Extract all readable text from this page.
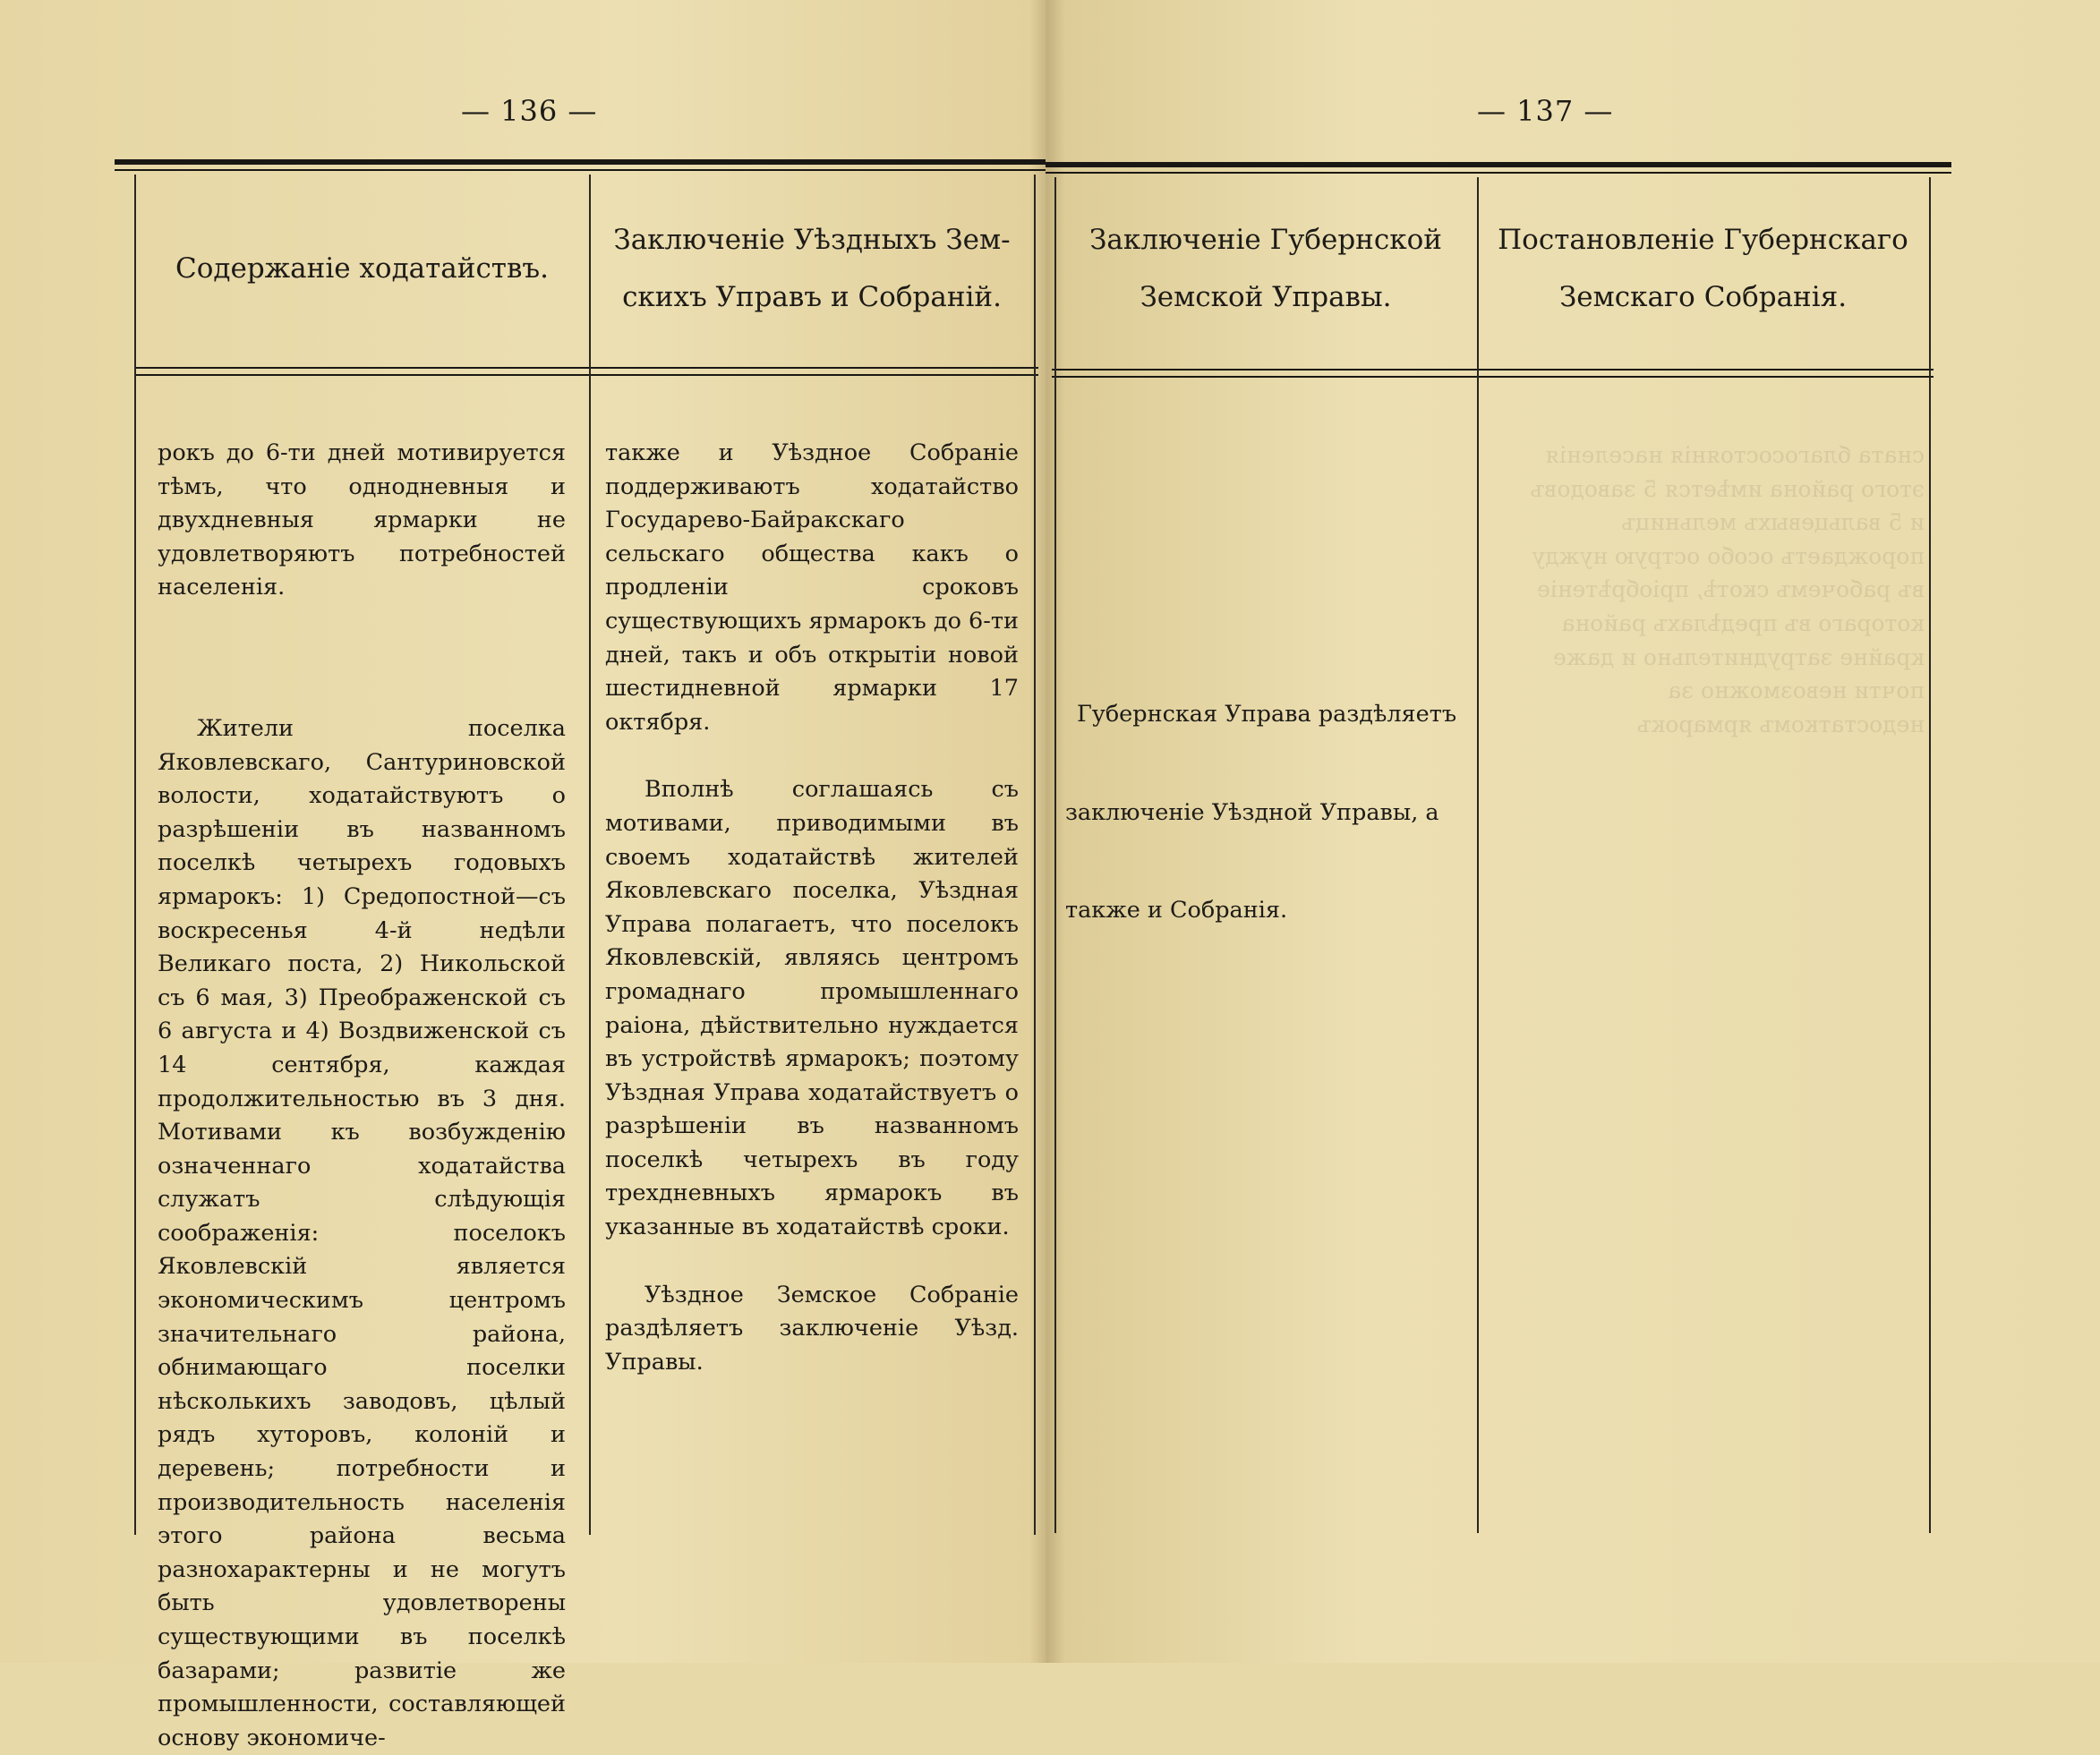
сната благосостоянія населенія этого района имѣется 5 заводовъ и 5 вальцевыхъ мельницъ порождаетъ особо острую нужду въ рабочемъ скотѣ, пріобрѣтеніе котораго въ предѣлахъ района крайне затруднительно и даже почти невозможно за недостаткомъ ярмарокъ
— 136 —	— 137 —
Содержаніе ходатайствъ.
Заключеніе Уѣздныхъ Зем-
скихъ Управъ и Собраній.
Заключеніе Губернской
Земской Управы.
Постановленіе Губернскаго
Земскаго Собранія.

рокъ до 6-ти дней мотивируется тѣмъ, что однодневныя и двухдневныя ярмарки не удовлетворяютъ потребностей населенія.

Жители поселка Яковлевскаго, Сантуриновской волости, ходатайствуютъ о разрѣшеніи въ названномъ поселкѣ четырехъ годовыхъ ярмарокъ: 1) Средопостной—съ воскресенья 4-й недѣли Великаго поста, 2) Никольской съ 6 мая, 3) Преображенской съ 6 августа и 4) Воздвиженской съ 14 сентября, каждая продолжительностью въ 3 дня. Мотивами къ возбужденію означеннаго ходатайства служатъ слѣдующія соображенія: поселокъ Яковлевскій является экономическимъ центромъ значительнаго района, обнимающаго поселки нѣсколькихъ заводовъ, цѣлый рядъ хуторовъ, колоній и деревень; потребности и производительность населенія этого района весьма разнохарактерны и не могутъ быть удовлетворены существующими въ поселкѣ базарами; развитіе же промышленности, составляющей основу экономиче-

также и Уѣздное Собраніе поддерживаютъ ходатайство Государево-Байракскаго сельскаго общества какъ о продленіи сроковъ существующихъ ярмарокъ до 6-ти дней, такъ и объ открытіи новой шестидневной ярмарки 17 октября.

Вполнѣ соглашаясь съ мотивами, приводимыми въ своемъ ходатайствѣ жителей Яковлевскаго поселка, Уѣздная Управа полагаетъ, что поселокъ Яковлевскій, являясь центромъ громаднаго промышленнаго раіона, дѣйствительно нуждается въ устройствѣ ярмарокъ; поэтому Уѣздная Управа ходатайствуетъ о разрѣшеніи въ названномъ поселкѣ четырехъ въ году трехдневныхъ ярмарокъ въ указанные въ ходатайствѣ сроки.

Уѣздное Земское Собраніе раздѣляетъ заключеніе Уѣзд. Управы.

Губернская Управа раздѣляетъ

заключеніе Уѣздной Управы, а

также и Собранія.
